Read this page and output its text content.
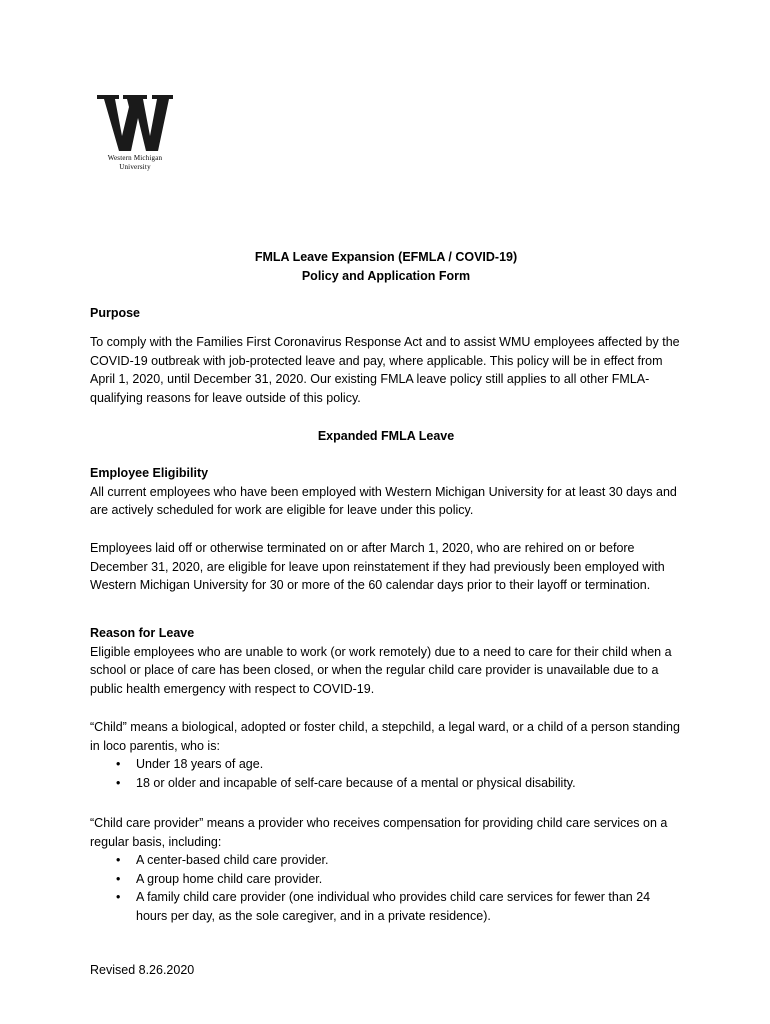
Western Michigan
University

FMLA Leave Expansion (EFMLA / COVID-19)

Policy and Application Form

Purpose

To comply with the Families First Coronavirus Response Act and to assist WMU employees affected by the COVID-19 outbreak with job-protected leave and pay, where applicable. This policy will be in effect from April 1, 2020, until December 31, 2020. Our existing FMLA leave policy still applies to all other FMLA-qualifying reasons for leave outside of this policy.

Expanded FMLA Leave

Employee Eligibility

All current employees who have been employed with Western Michigan University for at least 30 days and are actively scheduled for work are eligible for leave under this policy.

Employees laid off or otherwise terminated on or after March 1, 2020, who are rehired on or before December 31, 2020, are eligible for leave upon reinstatement if they had previously been employed with Western Michigan University for 30 or more of the 60 calendar days prior to their layoff or termination.

Reason for Leave

Eligible employees who are unable to work (or work remotely) due to a need to care for their child when a school or place of care has been closed, or when the regular child care provider is unavailable due to a public health emergency with respect to COVID-19.

“Child” means a biological, adopted or foster child, a stepchild, a legal ward, or a child of a person standing in loco parentis, who is:

• Under 18 years of age.
• 18 or older and incapable of self-care because of a mental or physical disability.

“Child care provider” means a provider who receives compensation for providing child care services on a regular basis, including:

• A center-based child care provider.
• A group home child care provider.
• A family child care provider (one individual who provides child care services for fewer than 24 hours per day, as the sole caregiver, and in a private residence).

Revised 8.26.2020
